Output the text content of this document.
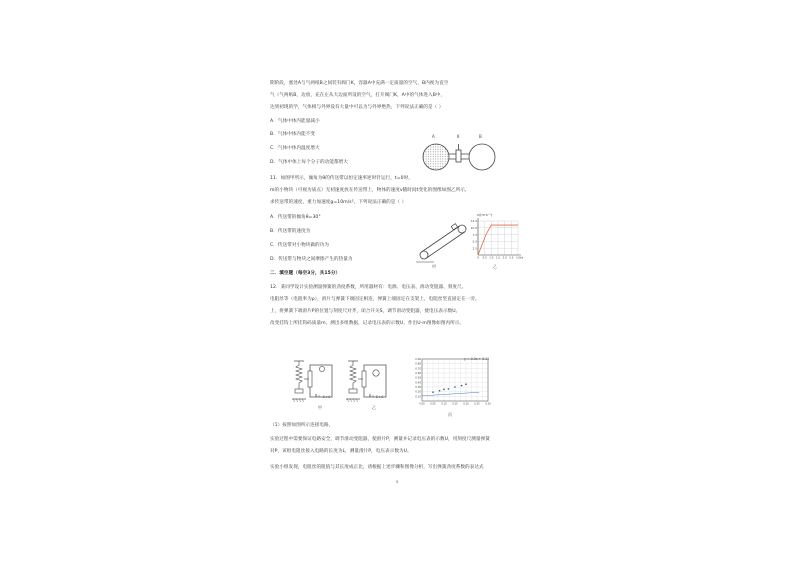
期阶段，塞处A与气两纸B之间装有阀门K，容器A中充满一定质量的空气，B内视为直空
气（气两纸B，边放，充在左从大边面所设的空气，打开阀门K，A中的气体进入B中，
达到初现的学，气体相与外界没有大量中可以为与外界绝热，下列说法正确的是（ ）
A．气体中体内能量减小
B．气体中体内能不变
C．气体中体内温度增大
D．气体中体上每个分子的动能都增大
A	K	B
11．如图甲所示，倾角为θ的传送带以恒定速率逆时针运行，t=0时，
m的小物块（可视为质点）无初速度放在传送带上，物体的速度v随时间t变化的图像如图乙所示，
求传送带的速度，重力加速度g=10m/s²，下列说法正确的是（ ）
A．传送带的倾角θ=30°
B．传送带的速度为
C．传送带对小物块做的功为
D．传送带与物块之间摩擦产生的热量为
甲
12.0
10.0
7.5
5.0
2.5
0 0.5 1.0 1.5 2.0 2.5 3.0 t/s
v/(m·s⁻¹)
乙
二．填空题（每空3分，共15分）
12．某同学设计实验测量弹簧的劲度系数，所用器材有：电源、电压表、滑动变阻器、刻度尺、
电阻丝等（电阻率为ρ），滑片与弹簧下端固定相连，弹簧上端固定在支架上，电阻丝竖直固定在一旁。
上，将弹簧下端滑片P的位置与刻度尺对齐，闭合开关S，调节滑动变阻器，使电压表示数U。
改变挂钩上所挂钩码质量m，测出多组数据，记录电压表的示数U，作出U-m图像如图丙所示。
E r S
甲
E r S
乙
0.90
0.80
0.70
0.60
0.50
0.40
0.30
0.20
0.10
0.00 0.05 0.10 0.15 0.20 0.25 0.30
y = 0.3x + 0.11
丙
（1）按照如图所示连接电路，
实验过程中需要保证电路安全，调节滑动变阻器，使滑片P，测量并记录电压表的示数U，用刻度尺测量弹簧
对P，该组电阻丝接入电路的长度为L，测量滑片P，电压表示数为U。
实验小组发现，电阻丝的阻值与其长度成正比，请根据上述步骤和图像分析，写出弹簧劲度系数的表达式
5
